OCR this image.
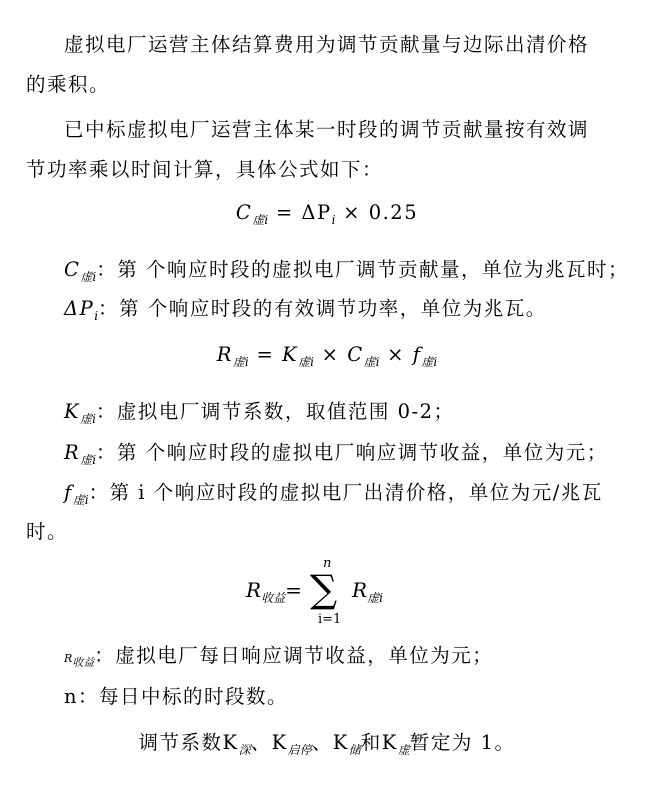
虚拟电厂运营主体结算费用为调节贡献量与边际出清价格
的乘积。
已中标虚拟电厂运营主体某一时段的调节贡献量按有效调
节功率乘以时间计算，具体公式如下：
$C_{虚i} = \Delta P_i \times 0.25$
$C_{虚i}$：第 个响应时段的虚拟电厂调节贡献量，单位为兆瓦时；
$\Delta P_i$：第 个响应时段的有效调节功率，单位为兆瓦。
$R_{虚i} = K_{虚i} \times C_{虚i} \times f_{虚i}$
$K_{虚i}$：虚拟电厂调节系数，取值范围 0-2；
$R_{虚i}$：第 个响应时段的虚拟电厂响应调节收益，单位为元；
$f_{虚i}$：第 i 个响应时段的虚拟电厂出清价格，单位为元/兆瓦
时。
$R_{收益}=$
n
∑
i=1
$R_{虚i}$
$R_{收益}$：虚拟电厂每日响应调节收益，单位为元；
n：每日中标的时段数。
调节系数$K_深$、$K_{启停}$、$K_储$和$K_虚$暂定为 1。
